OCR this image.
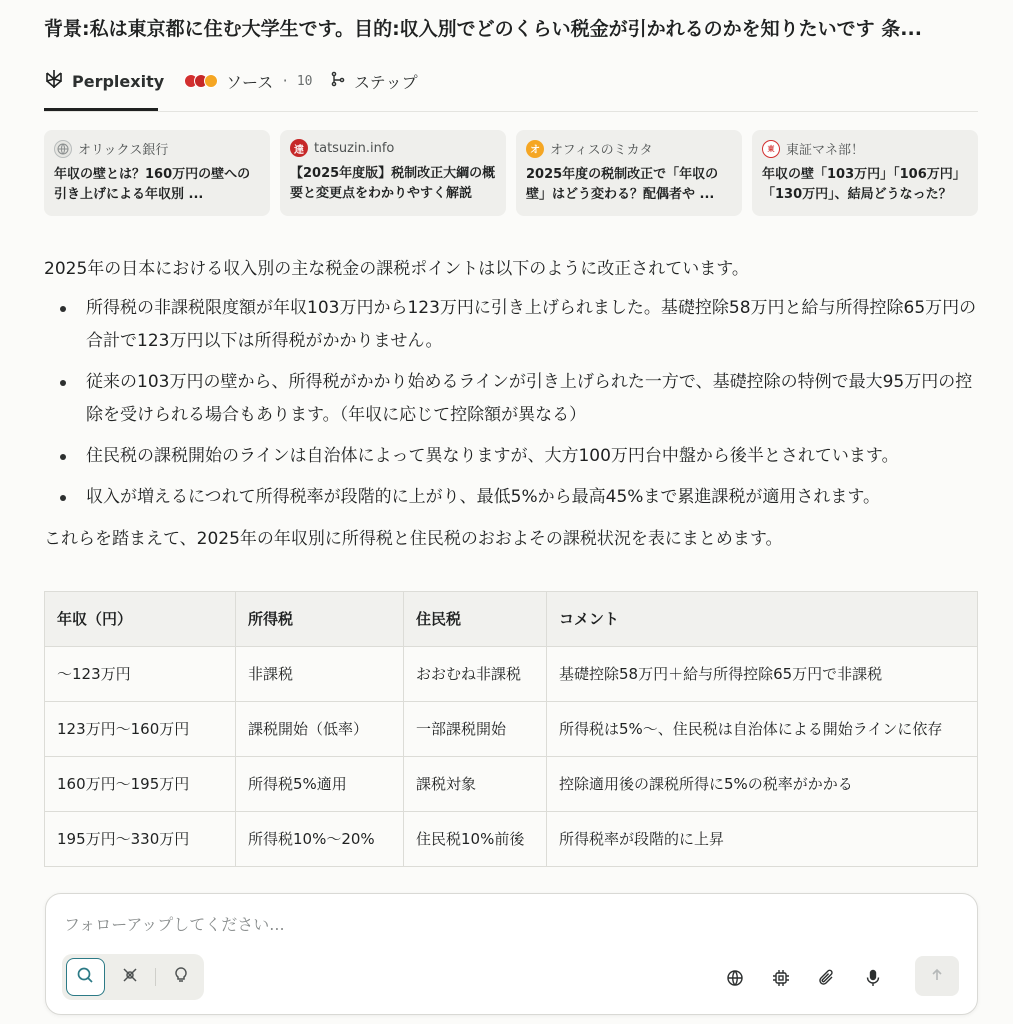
背景:私は東京都に住む大学生です。目的:収入別でどのくらい税金が引かれるのかを知りたいです 条...
Perplexity	ソース · 10	ステップ
オリックス銀行
年収の壁とは？160万円の壁への引き上げによる年収別 ...
達 tatsuzin.info
【2025年度版】税制改正大綱の概要と変更点をわかりやすく解説
オ オフィスのミカタ
2025年度の税制改正で「年収の壁」はどう変わる？配偶者や ...
東 東証マネ部！
年収の壁「103万円」「106万円」「130万円」、結局どうなった？

2025年の日本における収入別の主な税金の課税ポイントは以下のように改正されています。

所得税の非課税限度額が年収103万円から123万円に引き上げられました。基礎控除58万円と給与所得控除65万円の合計で123万円以下は所得税がかかりません。
従来の103万円の壁から、所得税がかかり始めるラインが引き上げられた一方で、基礎控除の特例で最大95万円の控除を受けられる場合もあります。（年収に応じて控除額が異なる）
住民税の課税開始のラインは自治体によって異なりますが、大方100万円台中盤から後半とされています。
収入が増えるにつれて所得税率が段階的に上がり、最低5%から最高45%まで累進課税が適用されます。

これらを踏まえて、2025年の年収別に所得税と住民税のおおよその課税状況を表にまとめます。

年収（円）	所得税	住民税	コメント
〜123万円	非課税	おおむね非課税	基礎控除58万円＋給与所得控除65万円で非課税
123万円〜160万円	課税開始（低率）	一部課税開始	所得税は5%〜、住民税は自治体による開始ラインに依存
160万円〜195万円	所得税5%適用	課税対象	控除適用後の課税所得に5%の税率がかかる
195万円〜330万円	所得税10%〜20%	住民税10%前後	所得税率が段階的に上昇
フォローアップしてください...
